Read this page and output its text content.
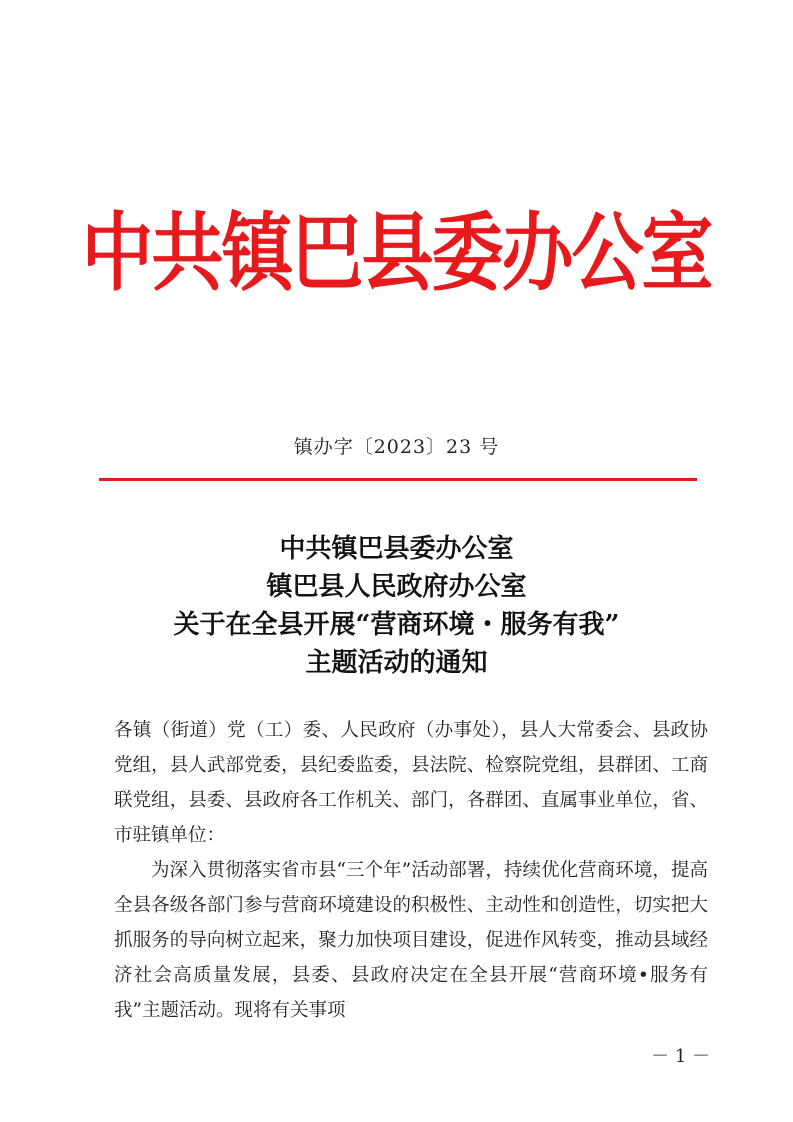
中共镇巴县委办公室
镇办字〔2023〕23 号
中共镇巴县委办公室
镇巴县人民政府办公室
关于在全县开展“营商环境・服务有我”
主题活动的通知

各镇（街道）党（工）委、人民政府（办事处），县人大常委会、县政协党组，县人武部党委，县纪委监委，县法院、检察院党组，县群团、工商联党组，县委、县政府各工作机关、部门，各群团、直属事业单位，省、市驻镇单位：

为深入贯彻落实省市县“三个年”活动部署，持续优化营商环境，提高全县各级各部门参与营商环境建设的积极性、主动性和创造性，切实把大抓服务的导向树立起来，聚力加快项目建设，促进作风转变，推动县域经济社会高质量发展，县委、县政府决定在全县开展“营商环境•服务有我”主题活动。现将有关事项

－ 1 －
